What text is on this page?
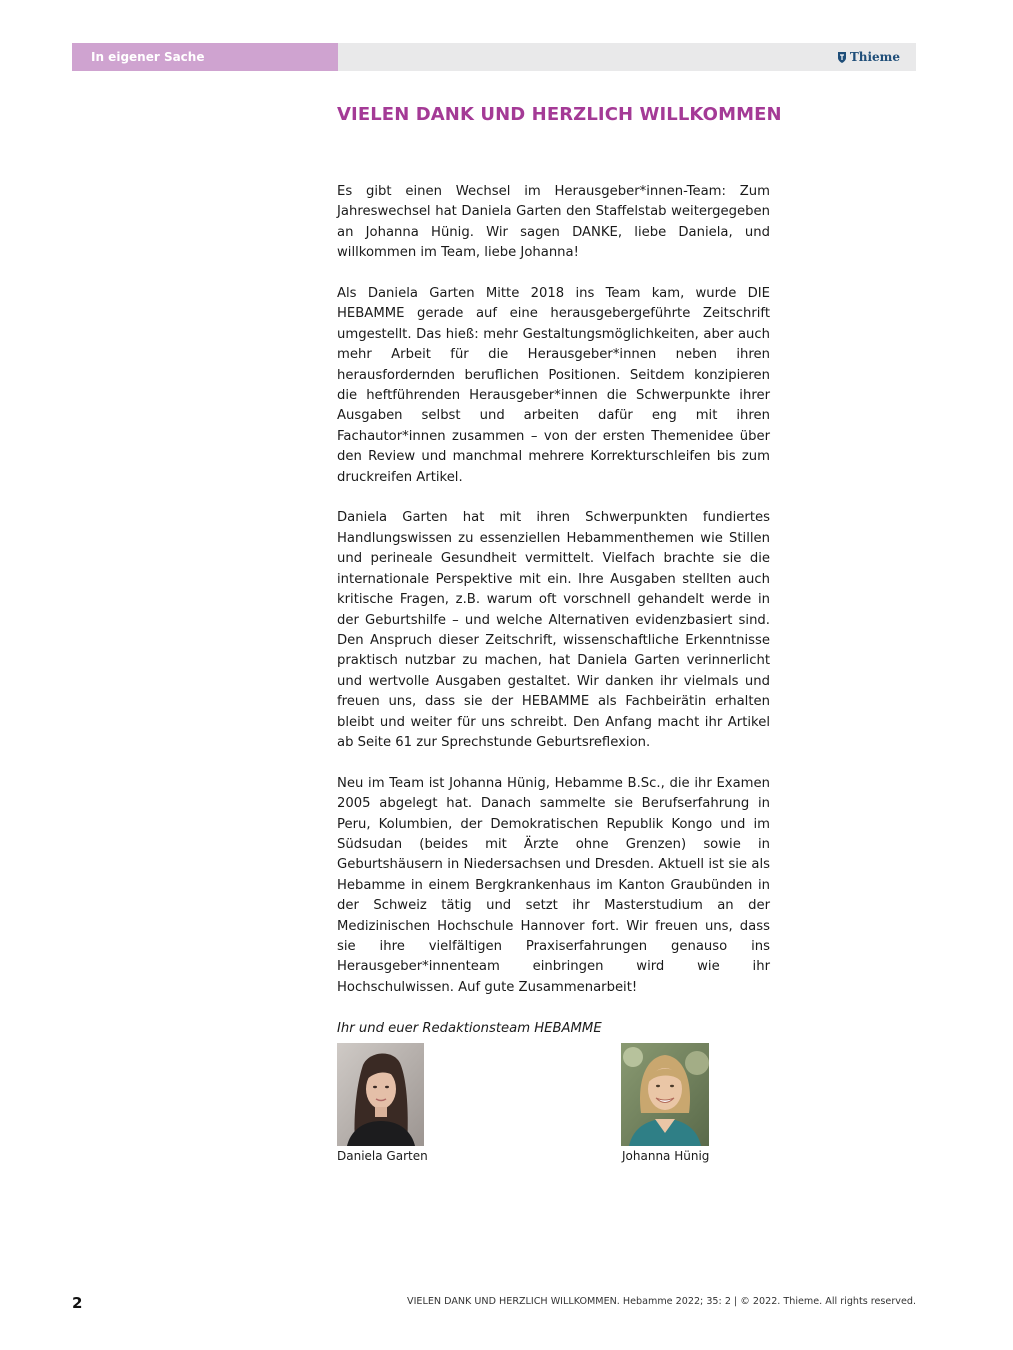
In eigener Sache	Thieme
VIELEN DANK UND HERZLICH WILLKOMMEN

Es gibt einen Wechsel im Herausgeber*innen-Team: Zum Jahreswechsel hat Daniela Garten den Staffelstab weitergegeben an Johanna Hünig. Wir sagen DANKE, liebe Daniela, und willkommen im Team, liebe Johanna!

Als Daniela Garten Mitte 2018 ins Team kam, wurde DIE HEBAMME gerade auf eine herausgebergeführte Zeitschrift umgestellt. Das hieß: mehr Gestaltungsmöglichkeiten, aber auch mehr Arbeit für die Herausgeber*innen neben ihren herausfordernden beruflichen Positionen. Seitdem konzipieren die heftführenden Herausgeber*innen die Schwerpunkte ihrer Ausgaben selbst und arbeiten dafür eng mit ihren Fachautor*innen zusammen – von der ersten Themenidee über den Review und manchmal mehrere Korrekturschleifen bis zum druckreifen Artikel.

Daniela Garten hat mit ihren Schwerpunkten fundiertes Handlungswissen zu essenziellen Hebammenthemen wie Stillen und perineale Gesundheit vermittelt. Vielfach brachte sie die internationale Perspektive mit ein. Ihre Ausgaben stellten auch kritische Fragen, z.B. warum oft vorschnell gehandelt werde in der Geburtshilfe – und welche Alternativen evidenzbasiert sind. Den Anspruch dieser Zeitschrift, wissenschaftliche Erkenntnisse praktisch nutzbar zu machen, hat Daniela Garten verinnerlicht und wertvolle Ausgaben gestaltet. Wir danken ihr vielmals und freuen uns, dass sie der HEBAMME als Fachbeirätin erhalten bleibt und weiter für uns schreibt. Den Anfang macht ihr Artikel ab Seite 61 zur Sprechstunde Geburtsreflexion.

Neu im Team ist Johanna Hünig, Hebamme B.Sc., die ihr Examen 2005 abgelegt hat. Danach sammelte sie Berufserfahrung in Peru, Kolumbien, der Demokratischen Republik Kongo und im Südsudan (beides mit Ärzte ohne Grenzen) sowie in Geburtshäusern in Niedersachsen und Dresden. Aktuell ist sie als Hebamme in einem Bergkrankenhaus im Kanton Graubünden in der Schweiz tätig und setzt ihr Masterstudium an der Medizinischen Hochschule Hannover fort. Wir freuen uns, dass sie ihre vielfältigen Praxiserfahrungen genauso ins Herausgeber*innenteam einbringen wird wie ihr Hochschulwissen. Auf gute Zusammenarbeit!

Ihr und euer Redaktionsteam HEBAMME

Daniela Garten	Johanna Hünig
2	VIELEN DANK UND HERZLICH WILLKOMMEN. Hebamme 2022; 35: 2 | © 2022. Thieme. All rights reserved.
